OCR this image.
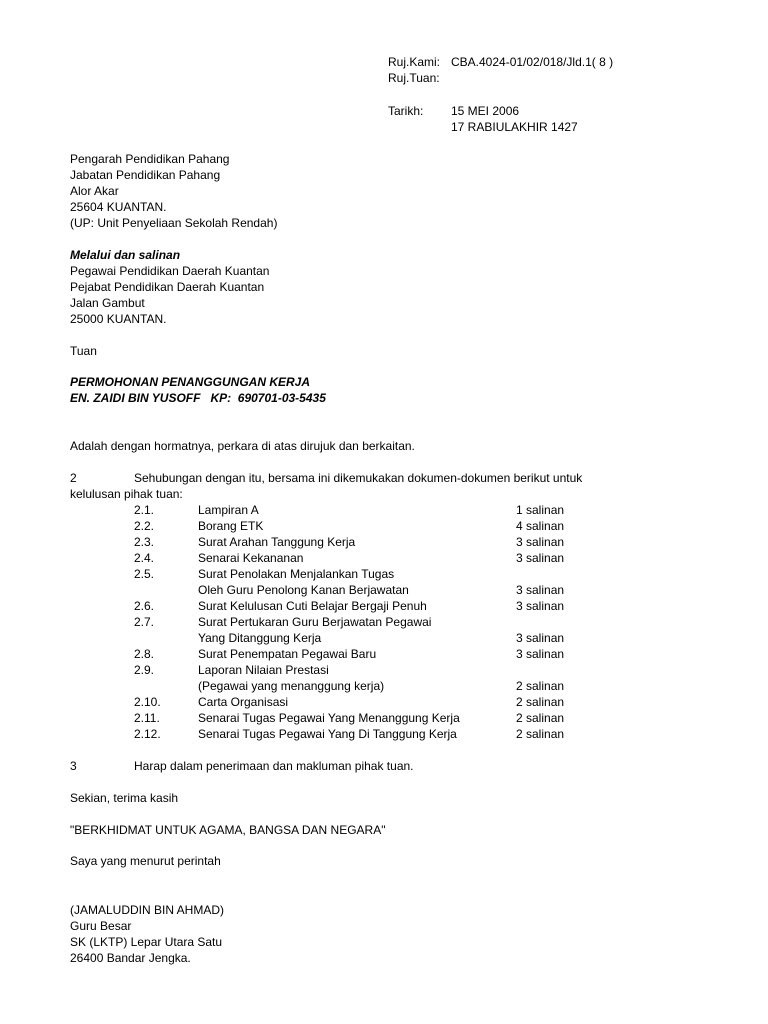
Ruj.Kami: CBA.4024-01/02/018/Jld.1( 8 )
Ruj.Tuan:
Tarikh: 15 MEI 2006
17 RABIULAKHIR 1427
Pengarah Pendidikan Pahang
Jabatan Pendidikan Pahang
Alor Akar
25604 KUANTAN.
(UP: Unit Penyeliaan Sekolah Rendah)
Melalui dan salinan
Pegawai Pendidikan Daerah Kuantan
Pejabat Pendidikan Daerah Kuantan
Jalan Gambut
25000 KUANTAN.
Tuan
PERMOHONAN PENANGGUNGAN KERJA
EN. ZAIDI BIN YUSOFF   KP:  690701-03-5435
Adalah dengan hormatnya, perkara di atas dirujuk dan berkaitan.
2	Sehubungan dengan itu, bersama ini dikemukakan dokumen-dokumen berikut untuk
kelulusan pihak tuan:
2.1.	Lampiran A	1 salinan
2.2.	Borang ETK	4 salinan
2.3.	Surat Arahan Tanggung Kerja	3 salinan
2.4.	Senarai Kekananan	3 salinan
2.5.	Surat Penolakan Menjalankan Tugas
Oleh Guru Penolong Kanan Berjawatan	3 salinan
2.6.	Surat Kelulusan Cuti Belajar Bergaji Penuh	3 salinan
2.7.	Surat Pertukaran Guru Berjawatan Pegawai
Yang Ditanggung Kerja	3 salinan
2.8.	Surat Penempatan Pegawai Baru	3 salinan
2.9.	Laporan Nilaian Prestasi
(Pegawai yang menanggung kerja)	2 salinan
2.10.	Carta Organisasi	2 salinan
2.11.	Senarai Tugas Pegawai Yang Menanggung Kerja	2 salinan
2.12.	Senarai Tugas Pegawai Yang Di Tanggung Kerja	2 salinan
3	Harap dalam penerimaan dan makluman pihak tuan.
Sekian, terima kasih
"BERKHIDMAT UNTUK AGAMA, BANGSA DAN NEGARA"
Saya yang menurut perintah
(JAMALUDDIN BIN AHMAD)
Guru Besar
SK (LKTP) Lepar Utara Satu
26400 Bandar Jengka.
